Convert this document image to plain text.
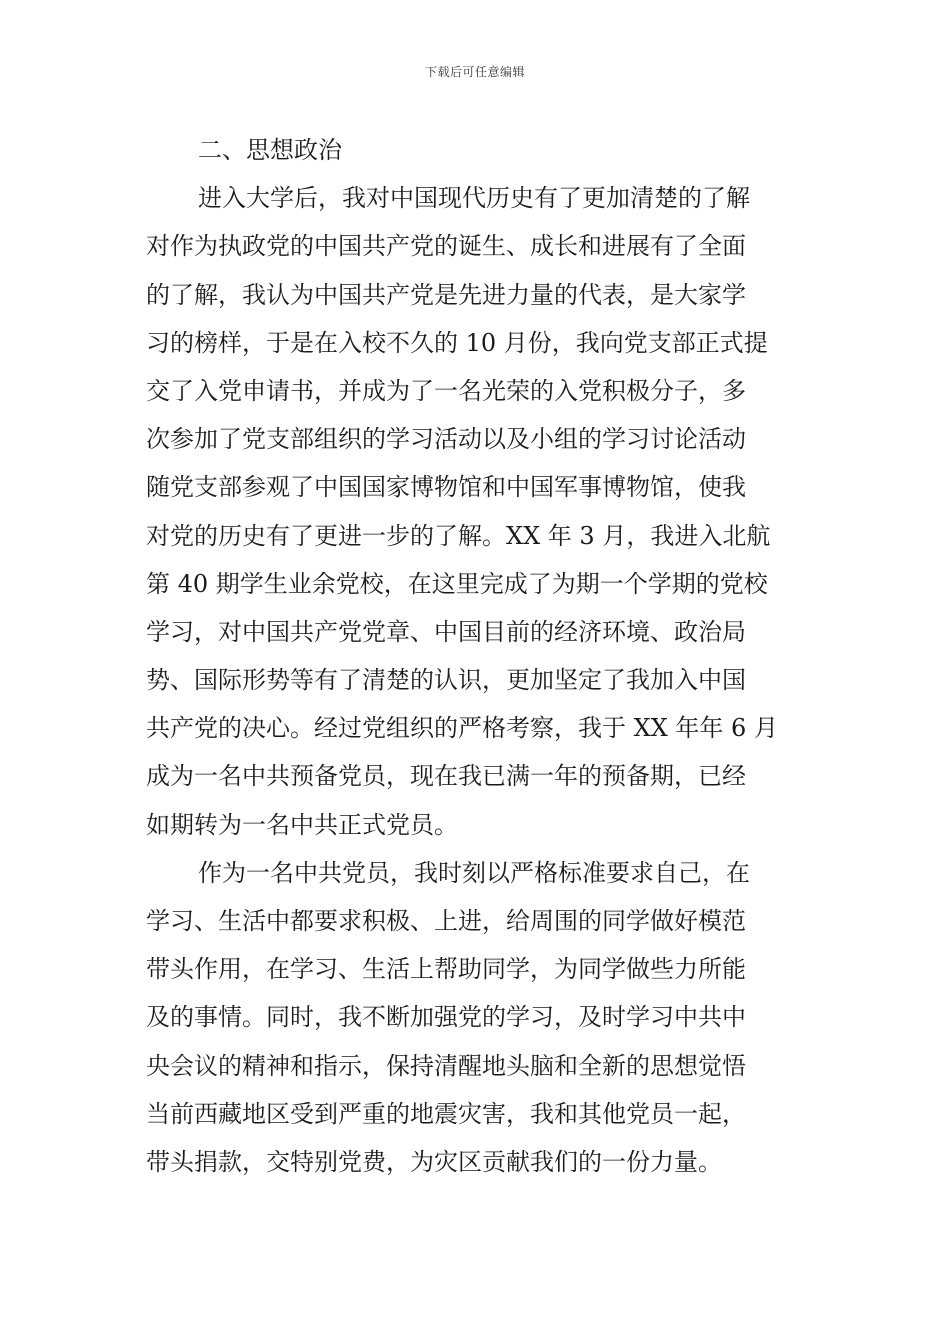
下载后可任意编辑
二、思想政治
进入大学后，我对中国现代历史有了更加清楚的了解
对作为执政党的中国共产党的诞生、成长和进展有了全面
的了解，我认为中国共产党是先进力量的代表，是大家学
习的榜样，于是在入校不久的 10 月份，我向党支部正式提
交了入党申请书，并成为了一名光荣的入党积极分子，多
次参加了党支部组织的学习活动以及小组的学习讨论活动
随党支部参观了中国国家博物馆和中国军事博物馆，使我
对党的历史有了更进一步的了解。XX 年 3 月，我进入北航
第 40 期学生业余党校，在这里完成了为期一个学期的党校
学习，对中国共产党党章、中国目前的经济环境、政治局
势、国际形势等有了清楚的认识，更加坚定了我加入中国
共产党的决心。经过党组织的严格考察，我于 XX 年年 6 月
成为一名中共预备党员，现在我已满一年的预备期，已经
如期转为一名中共正式党员。
作为一名中共党员，我时刻以严格标准要求自己，在
学习、生活中都要求积极、上进，给周围的同学做好模范
带头作用，在学习、生活上帮助同学，为同学做些力所能
及的事情。同时，我不断加强党的学习，及时学习中共中
央会议的精神和指示，保持清醒地头脑和全新的思想觉悟
当前西藏地区受到严重的地震灾害，我和其他党员一起，
带头捐款，交特别党费，为灾区贡献我们的一份力量。
